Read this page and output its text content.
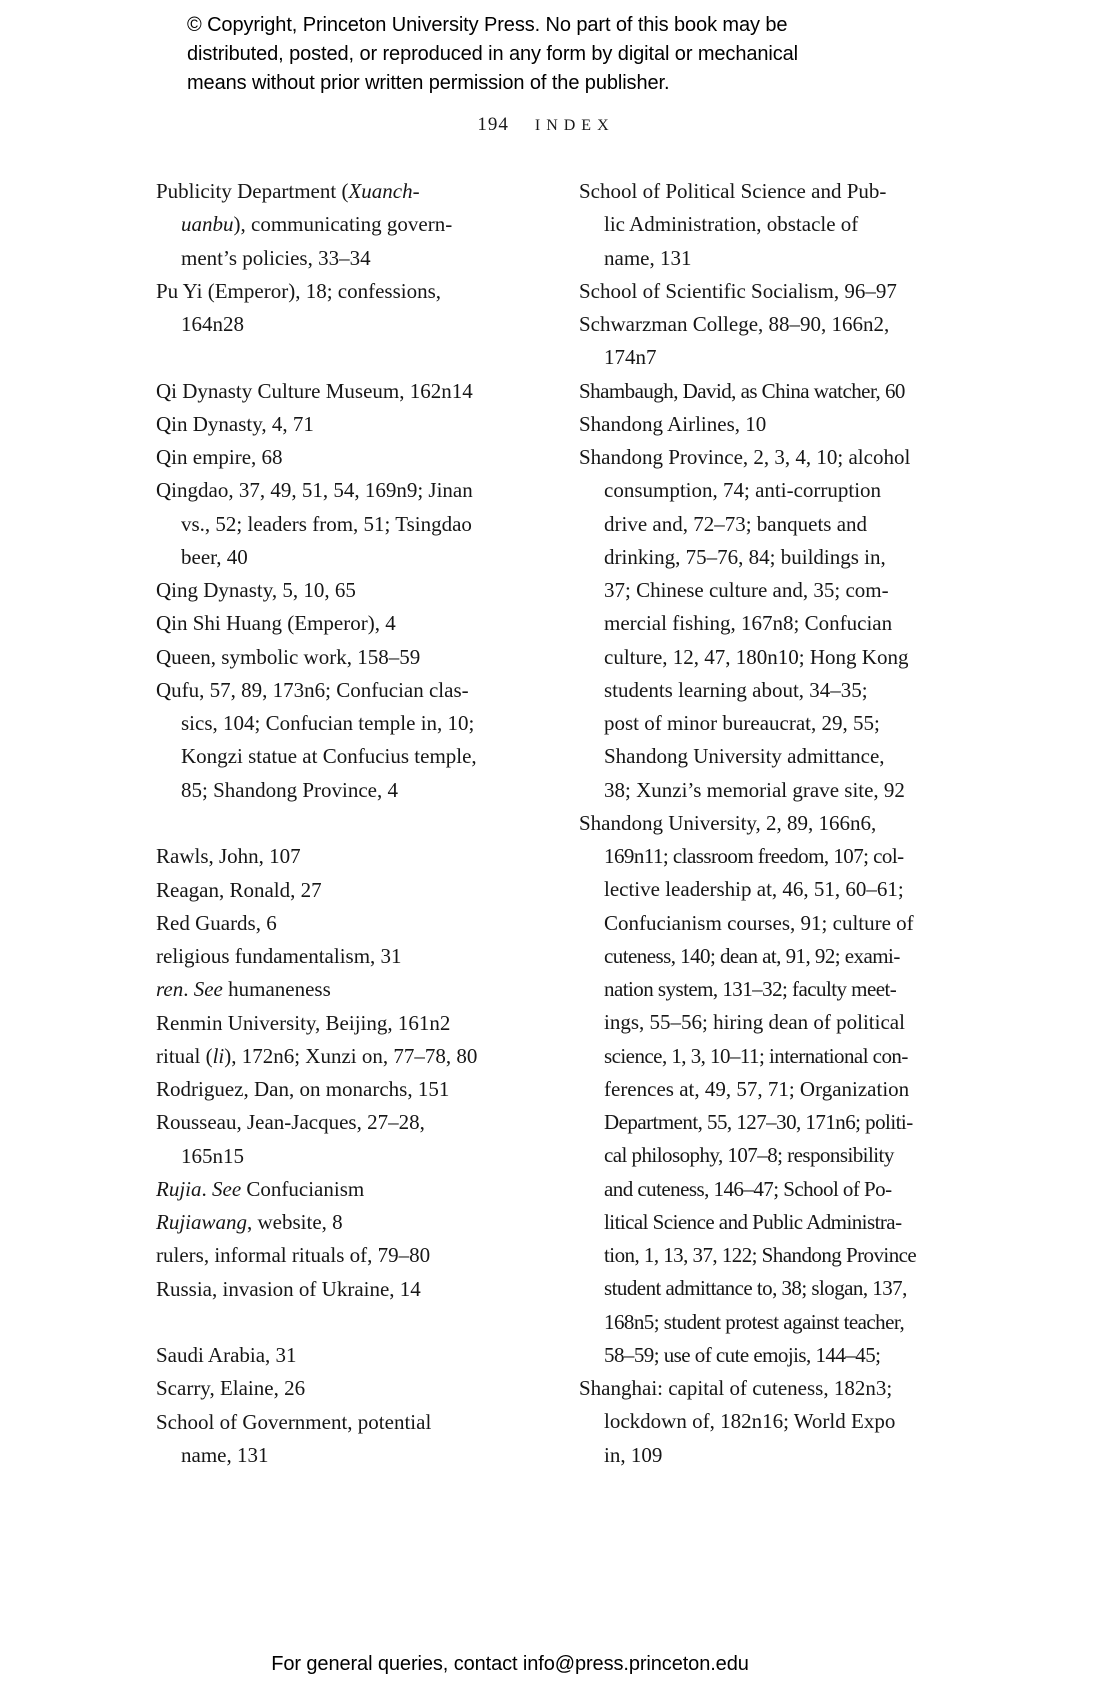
© Copyright, Princeton University Press. No part of this book may be
distributed, posted, or reproduced in any form by digital or mechanical
means without prior written permission of the publisher.
194 INDEX
Publicity Department (Xuanch-
uanbu), communicating govern-
ment’s policies, 33–34
Pu Yi (Emperor), 18; confessions,
164n28
Qi Dynasty Culture Museum, 162n14
Qin Dynasty, 4, 71
Qin empire, 68
Qingdao, 37, 49, 51, 54, 169n9; Jinan
vs., 52; leaders from, 51; Tsingdao
beer, 40
Qing Dynasty, 5, 10, 65
Qin Shi Huang (Emperor), 4
Queen, symbolic work, 158–59
Qufu, 57, 89, 173n6; Confucian clas-
sics, 104; Confucian temple in, 10;
Kongzi statue at Confucius temple,
85; Shandong Province, 4
Rawls, John, 107
Reagan, Ronald, 27
Red Guards, 6
religious fundamentalism, 31
ren. See humaneness
Renmin University, Beijing, 161n2
ritual (li), 172n6; Xunzi on, 77–78, 80
Rodriguez, Dan, on monarchs, 151
Rousseau, Jean-Jacques, 27–28,
165n15
Rujia. See Confucianism
Rujiawang, website, 8
rulers, informal rituals of, 79–80
Russia, invasion of Ukraine, 14
Saudi Arabia, 31
Scarry, Elaine, 26
School of Government, potential
name, 131
School of Political Science and Pub-
lic Administration, obstacle of
name, 131
School of Scientific Socialism, 96–97
Schwarzman College, 88–90, 166n2,
174n7
Shambaugh, David, as China watcher, 60
Shandong Airlines, 10
Shandong Province, 2, 3, 4, 10; alcohol
consumption, 74; anti-corruption
drive and, 72–73; banquets and
drinking, 75–76, 84; buildings in,
37; Chinese culture and, 35; com-
mercial fishing, 167n8; Confucian
culture, 12, 47, 180n10; Hong Kong
students learning about, 34–35;
post of minor bureaucrat, 29, 55;
Shandong University admittance,
38; Xunzi’s memorial grave site, 92
Shandong University, 2, 89, 166n6,
169n11; classroom freedom, 107; col-
lective leadership at, 46, 51, 60–61;
Confucianism courses, 91; culture of
cuteness, 140; dean at, 91, 92; exami-
nation system, 131–32; faculty meet-
ings, 55–56; hiring dean of political
science, 1, 3, 10–11; international con-
ferences at, 49, 57, 71; Organization
Department, 55, 127–30, 171n6; politi-
cal philosophy, 107–8; responsibility
and cuteness, 146–47; School of Po-
litical Science and Public Administra-
tion, 1, 13, 37, 122; Shandong Province
student admittance to, 38; slogan, 137,
168n5; student protest against teacher,
58–59; use of cute emojis, 144–45;
Shanghai: capital of cuteness, 182n3;
lockdown of, 182n16; World Expo
in, 109
For general queries, contact info@press.princeton.edu
